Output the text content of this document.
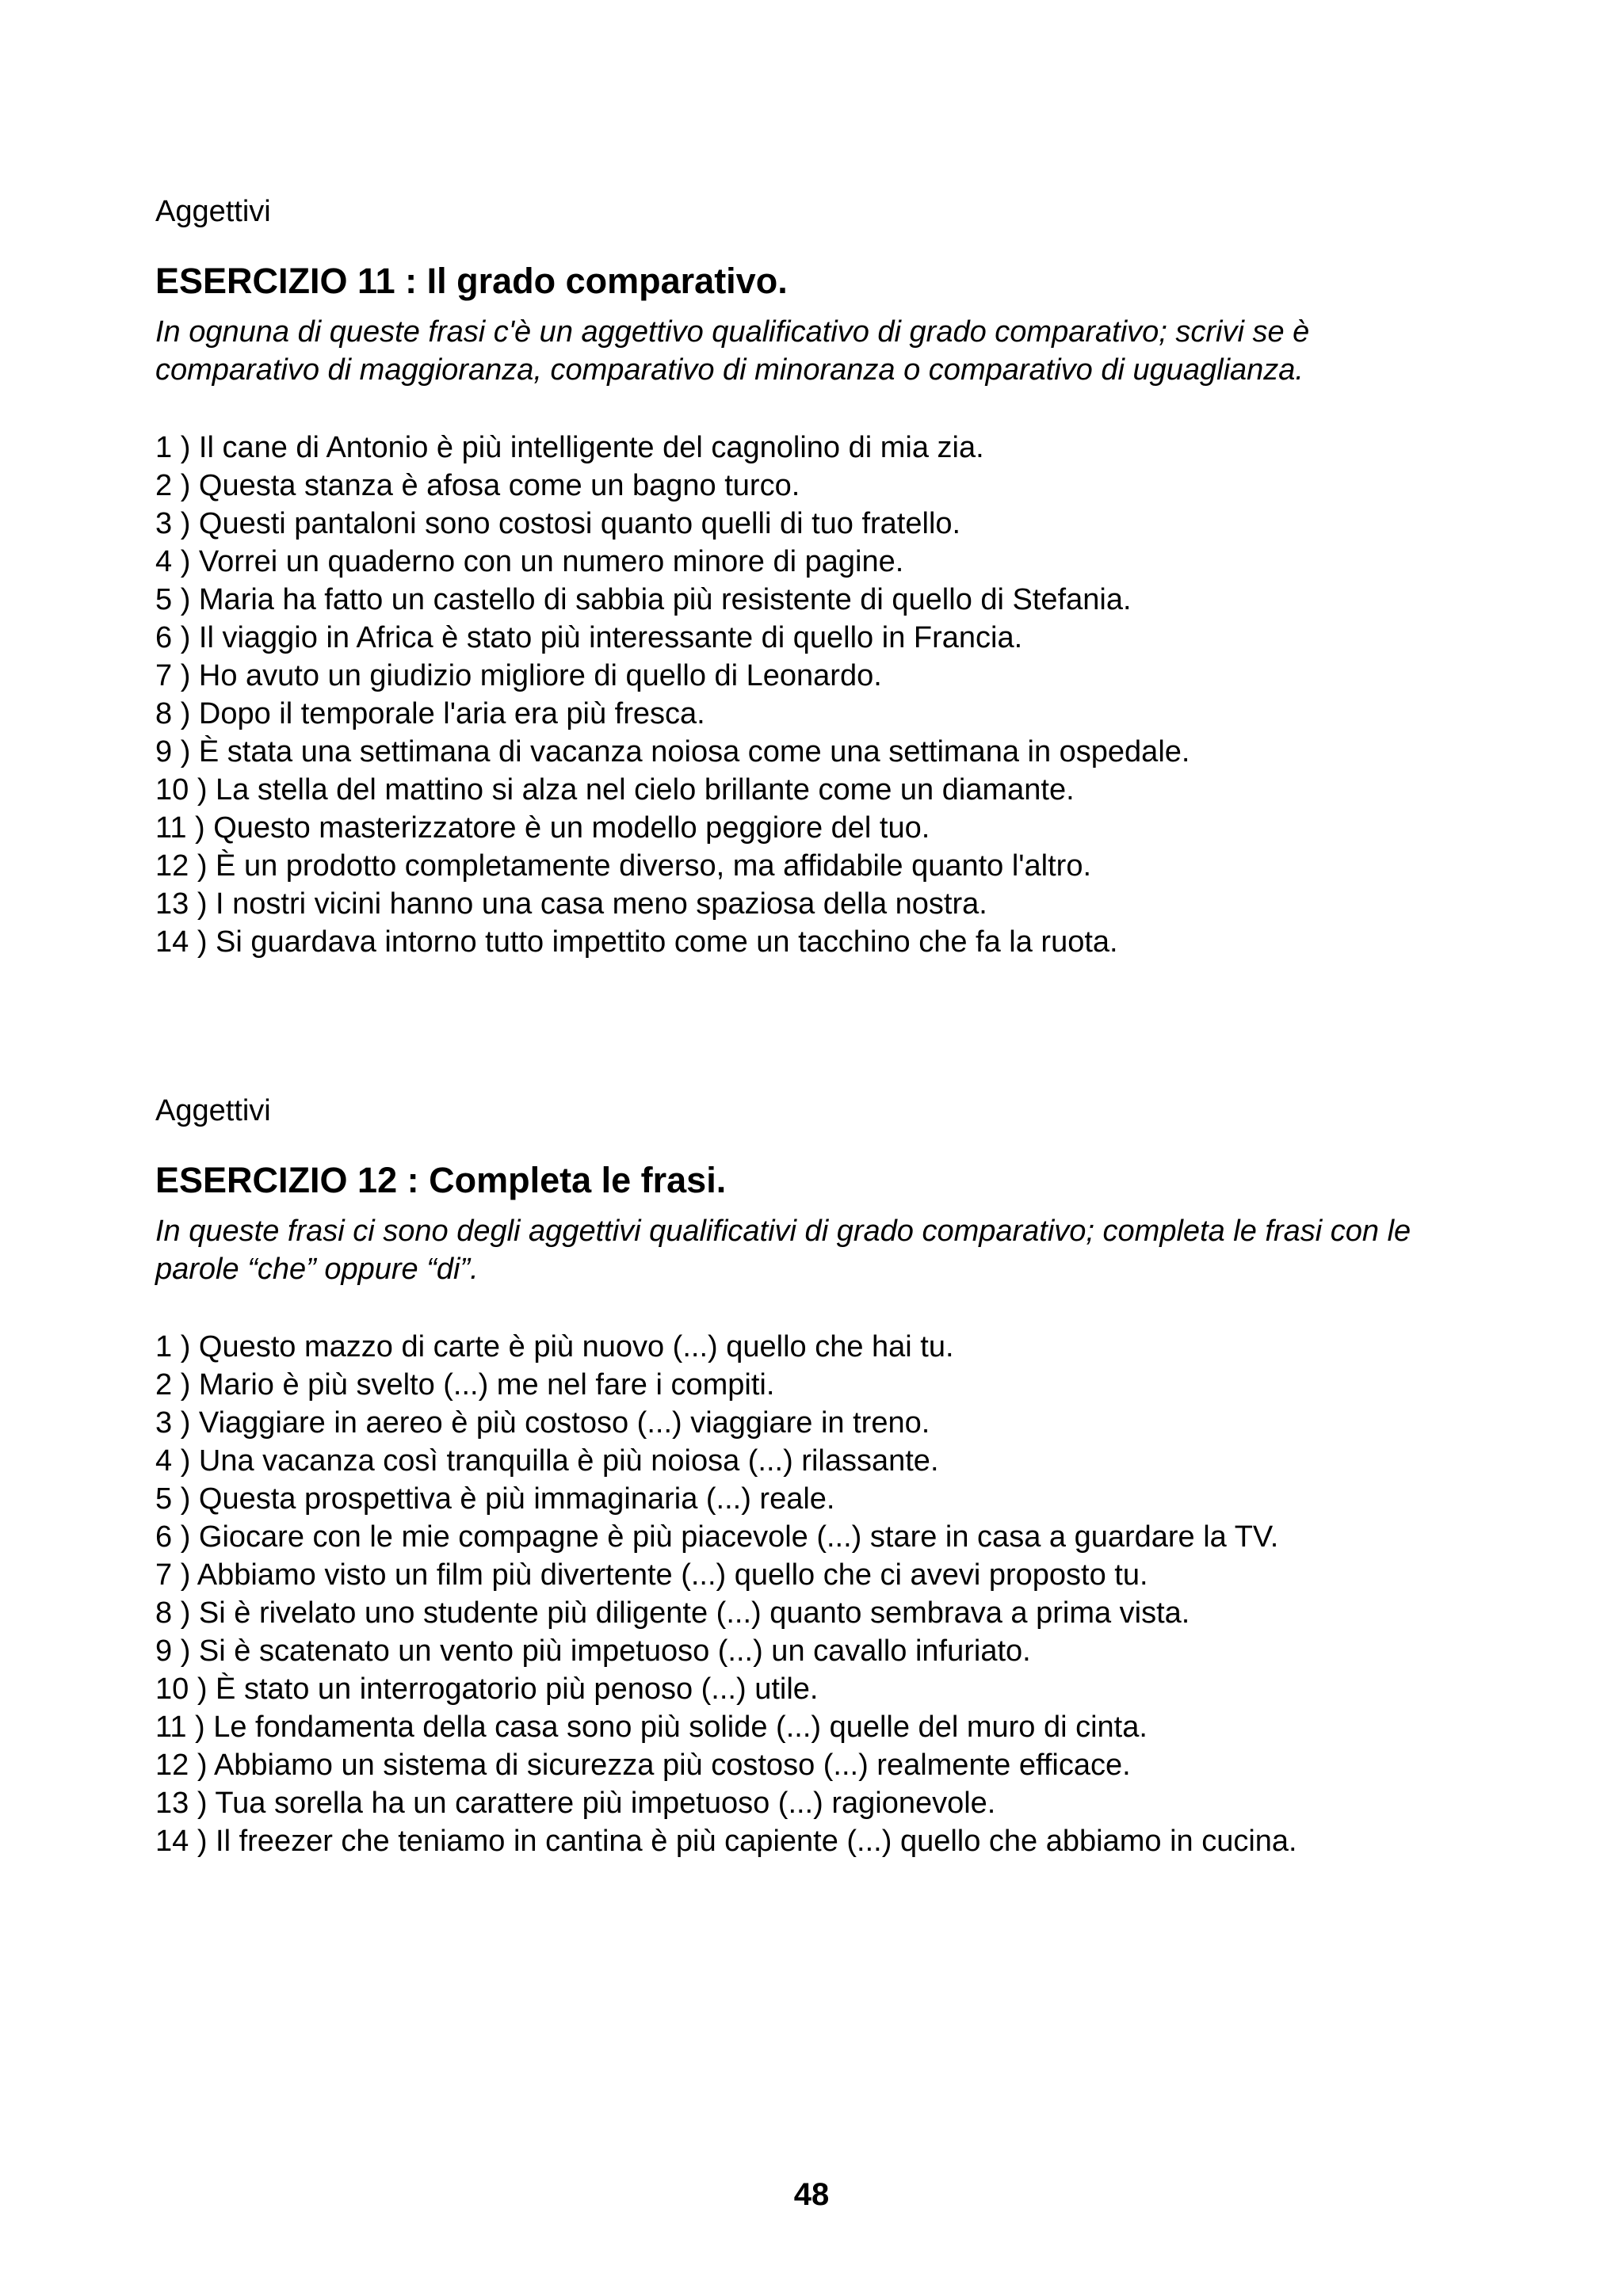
Aggettivi

ESERCIZIO 11 : Il grado comparativo.

In ognuna di queste frasi c'è un aggettivo qualificativo di grado comparativo; scrivi se è comparativo di maggioranza, comparativo di minoranza o comparativo di uguaglianza.

1 ) Il cane di Antonio è più intelligente del cagnolino di mia zia.
2 ) Questa stanza è afosa come un bagno turco.
3 ) Questi pantaloni sono costosi quanto quelli di tuo fratello.
4 ) Vorrei un quaderno con un numero minore di pagine.
5 ) Maria ha fatto un castello di sabbia più resistente di quello di Stefania.
6 ) Il viaggio in Africa è stato più interessante di quello in Francia.
7 ) Ho avuto un giudizio migliore di quello di Leonardo.
8 ) Dopo il temporale l'aria era più fresca.
9 ) È stata una settimana di vacanza noiosa come una settimana in ospedale.
10 ) La stella del mattino si alza nel cielo brillante come un diamante.
11 ) Questo masterizzatore è un modello peggiore del tuo.
12 ) È un prodotto completamente diverso, ma affidabile quanto l'altro.
13 ) I nostri vicini hanno una casa meno spaziosa della nostra.
14 ) Si guardava intorno tutto impettito come un tacchino che fa la ruota.

Aggettivi

ESERCIZIO 12 : Completa le frasi.

In queste frasi ci sono degli aggettivi qualificativi di grado comparativo; completa le frasi con le parole “che” oppure “di”.

1 ) Questo mazzo di carte è più nuovo (...) quello che hai tu.
2 ) Mario è più svelto (...) me nel fare i compiti.
3 ) Viaggiare in aereo è più costoso (...) viaggiare in treno.
4 ) Una vacanza così tranquilla è più noiosa (...) rilassante.
5 ) Questa prospettiva è più immaginaria (...) reale.
6 ) Giocare con le mie compagne è più piacevole (...) stare in casa a guardare la TV.
7 ) Abbiamo visto un film più divertente (...) quello che ci avevi proposto tu.
8 ) Si è rivelato uno studente più diligente (...) quanto sembrava a prima vista.
9 ) Si è scatenato un vento più impetuoso (...) un cavallo infuriato.
10 ) È stato un interrogatorio più penoso (...) utile.
11 ) Le fondamenta della casa sono più solide (...) quelle del muro di cinta.
12 ) Abbiamo un sistema di sicurezza più costoso (...) realmente efficace.
13 ) Tua sorella ha un carattere più impetuoso (...) ragionevole.
14 ) Il freezer che teniamo in cantina è più capiente (...) quello che abbiamo in cucina.
48
